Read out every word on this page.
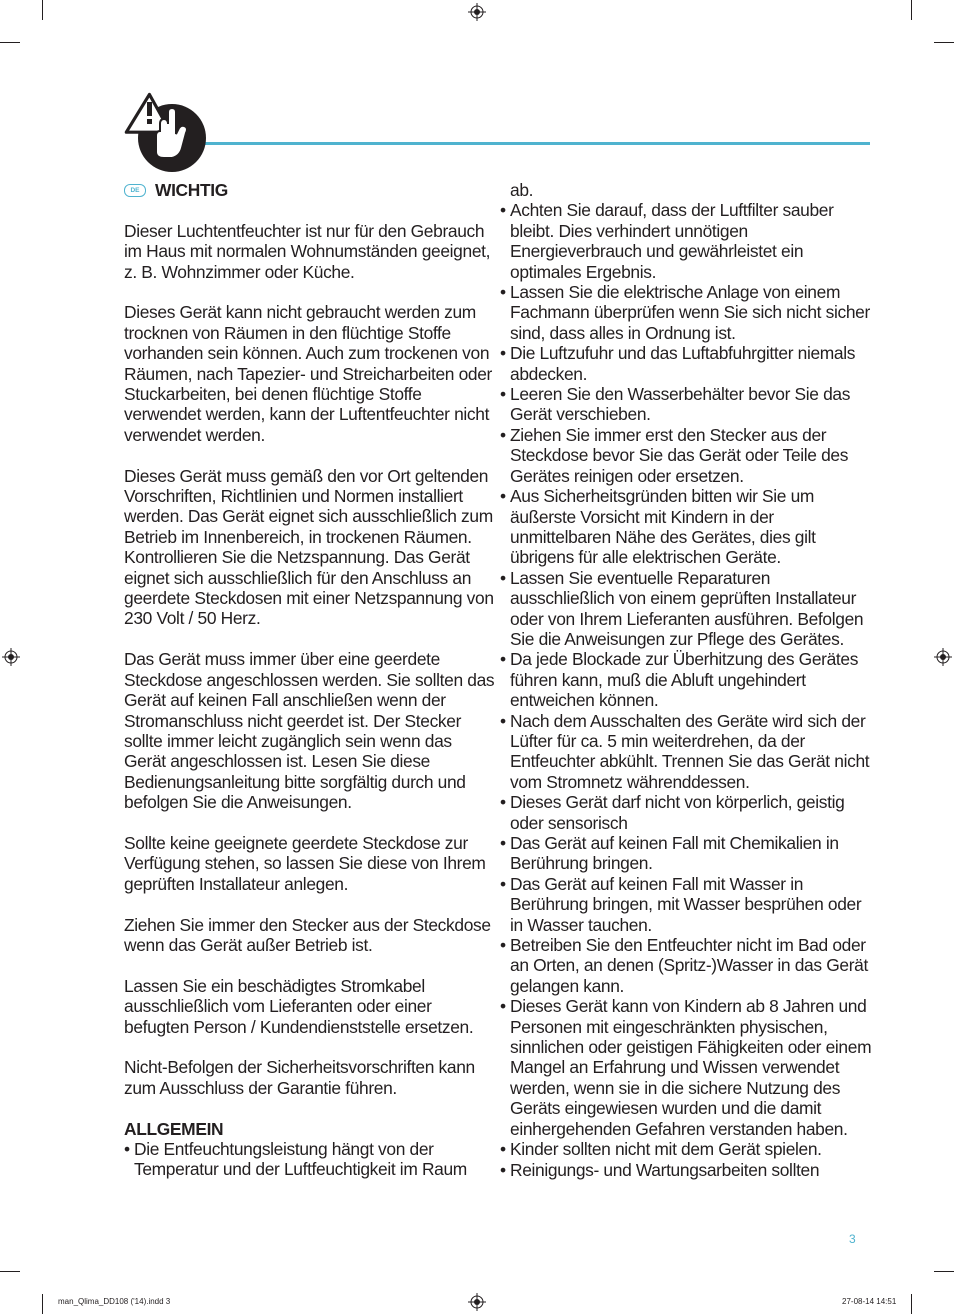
DE WICHTIG

Dieser Luchtentfeuchter ist nur für den Gebrauch im Haus mit normalen Wohnumständen geeignet, z. B. Wohnzimmer oder Küche.

Dieses Gerät kann nicht gebraucht werden zum trocknen von Räumen in den flüchtige Stoffe vorhanden sein können. Auch zum trockenen von Räumen, nach Tapezier- und Streicharbeiten oder Stuckarbeiten, bei denen flüchtige Stoffe verwendet werden, kann der Luftentfeuchter nicht verwendet werden.

Dieses Gerät muss gemäß den vor Ort geltenden Vorschriften, Richtlinien und Normen installiert werden. Das Gerät eignet sich ausschließlich zum Betrieb im Innenbereich, in trockenen Räumen. Kontrollieren Sie die Netzspannung. Das Gerät eignet sich ausschließlich für den Anschluss an geerdete Steckdosen mit einer Netzspannung von 230 Volt / 50 Herz.

Das Gerät muss immer über eine geerdete Steckdose angeschlossen werden. Sie sollten das Gerät auf keinen Fall anschließen wenn der Stromanschluss nicht geerdet ist. Der Stecker sollte immer leicht zugänglich sein wenn das Gerät angeschlossen ist. Lesen Sie diese Bedienungsanleitung bitte sorgfältig durch und befolgen Sie die Anweisungen.

Sollte keine geeignete geerdete Steckdose zur Verfügung stehen, so lassen Sie diese von Ihrem geprüften Installateur anlegen.

Ziehen Sie immer den Stecker aus der Steckdose wenn das Gerät außer Betrieb ist.

Lassen Sie ein beschädigtes Stromkabel ausschließlich vom Lieferanten oder einer befugten Person / Kundendienststelle ersetzen.

Nicht-Befolgen der Sicherheitsvorschriften kann zum Ausschluss der Garantie führen.

ALLGEMEIN
• Die Entfeuchtungsleistung hängt von der Temperatur und der Luftfeuchtigkeit im Raum
ab.
• Achten Sie darauf, dass der Luftfilter sauber bleibt. Dies verhindert unnötigen Energieverbrauch und gewährleistet ein optimales Ergebnis.
• Lassen Sie die elektrische Anlage von einem Fachmann überprüfen wenn Sie sich nicht sicher sind, dass alles in Ordnung ist.
• Die Luftzufuhr und das Luftabfuhrgitter niemals abdecken.
• Leeren Sie den Wasserbehälter bevor Sie das Gerät verschieben.
• Ziehen Sie immer erst den Stecker aus der Steckdose bevor Sie das Gerät oder Teile des Gerätes reinigen oder ersetzen.
• Aus Sicherheitsgründen bitten wir Sie um äußerste Vorsicht mit Kindern in der unmittelbaren Nähe des Gerätes, dies gilt übrigens für alle elektrischen Geräte.
• Lassen Sie eventuelle Reparaturen ausschließlich von einem geprüften Installateur oder von Ihrem Lieferanten ausführen. Befolgen Sie die Anweisungen zur Pflege des Gerätes.
• Da jede Blockade zur Überhitzung des Gerätes führen kann, muß die Abluft ungehindert entweichen können.
• Nach dem Ausschalten des Geräte wird sich der Lüfter für ca. 5 min weiterdrehen, da der Entfeuchter abkühlt. Trennen Sie das Gerät nicht vom Stromnetz währenddessen.
• Dieses Gerät darf nicht von körperlich, geistig oder sensorisch
• Das Gerät auf keinen Fall mit Chemikalien in Berührung bringen.
• Das Gerät auf keinen Fall mit Wasser in Berührung bringen, mit Wasser besprühen oder in Wasser tauchen.
• Betreiben Sie den Entfeuchter nicht im Bad oder an Orten, an denen (Spritz-)Wasser in das Gerät gelangen kann.
• Dieses Gerät kann von Kindern ab 8 Jahren und Personen mit eingeschränkten physischen, sinnlichen oder geistigen Fähigkeiten oder einem Mangel an Erfahrung und Wissen verwendet werden, wenn sie in die sichere Nutzung des Geräts eingewiesen wurden und die damit einhergehenden Gefahren verstanden haben.
• Kinder sollten nicht mit dem Gerät spielen.
• Reinigungs- und Wartungsarbeiten sollten
3
man_Qlima_DD108 ('14).indd 3	27-08-14 14:51
